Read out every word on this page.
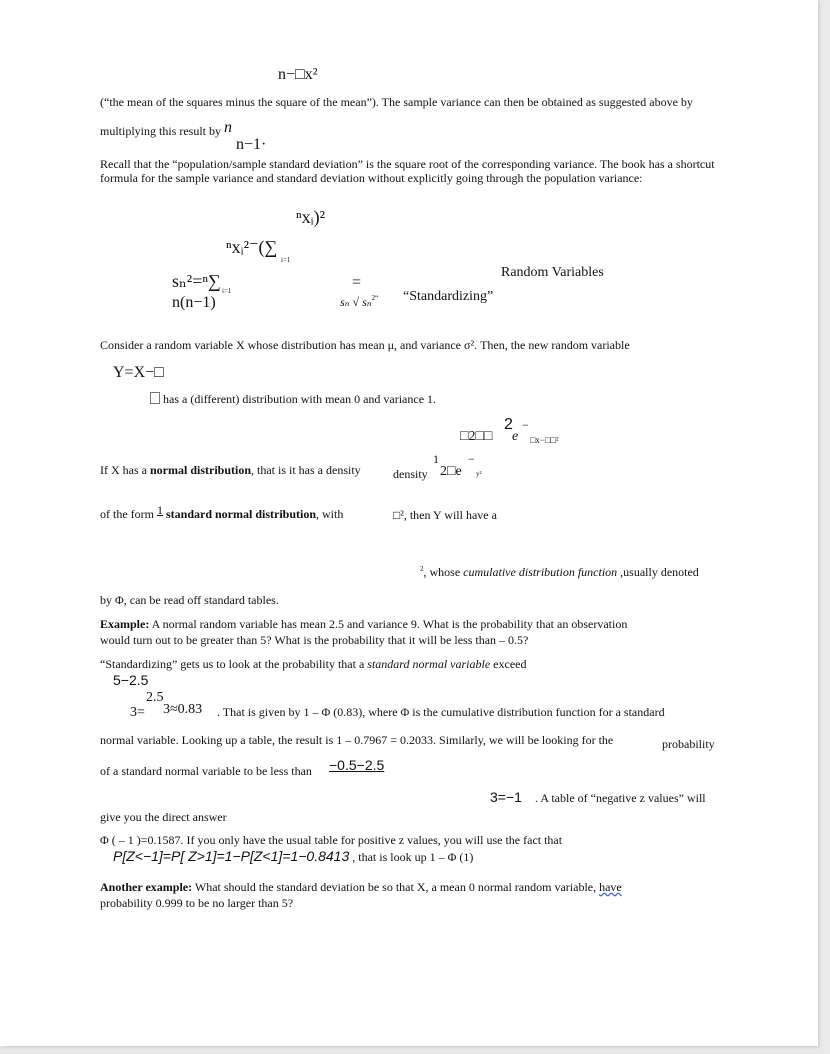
n−□x²
(“the mean of the squares minus the square of the mean”). The sample variance can then be obtained as suggested above by
multiplying this result by n
n−1·
Recall that the “population/sample standard deviation” is the square root of the corresponding variance. The book has a shortcut
formula for the sample variance and standard deviation without explicitly going through the population variance:
ⁿxᵢ)²
ⁿxᵢ²⁻(∑
i=1
sₙ²=ⁿ∑ i=1
n(n−1)
=
sₙ √ sₙ$^{2“}$ “Standardizing”
Random Variables
Consider a random variable X whose distribution has mean μ, and variance σ². Then, the new random variable
Y=X−□
has a (different) distribution with mean 0 and variance 1.
2 −
□2□□ e □x−□□²
1 −
If X has a normal distribution, that is it has a density	density 2□e y²
of the form 1 standard normal distribution, with	□², then Y will have a
$^2$, whose cumulative distribution function ,usually denoted
by Φ, can be read off standard tables.
Example: A normal random variable has mean 2.5 and variance 9. What is the probability that an observation
would turn out to be greater than 5? What is the probability that it will be less than – 0.5?
“Standardizing” gets us to look at the probability that a standard normal variable exceed
5−2.5
2.5
3= 3≈0.83 . That is given by 1 – Φ (0.83), where Φ is the cumulative distribution function for a standard
normal variable. Looking up a table, the result is 1 – 0.7967 = 0.2033. Similarly, we will be looking for the	probability
of a standard normal variable to be less than −0.5−2.5
3=−1 . A table of “negative z values” will
give you the direct answer
Φ ( – 1 )=0.1587. If you only have the usual table for positive z values, you will use the fact that
P[Z<−1]=P[ Z>1]=1−P[Z<1]=1−0.8413 , that is look up 1 – Φ (1)
Another example: What should the standard deviation be so that X, a mean 0 normal random variable, have
probability 0.999 to be no larger than 5?
